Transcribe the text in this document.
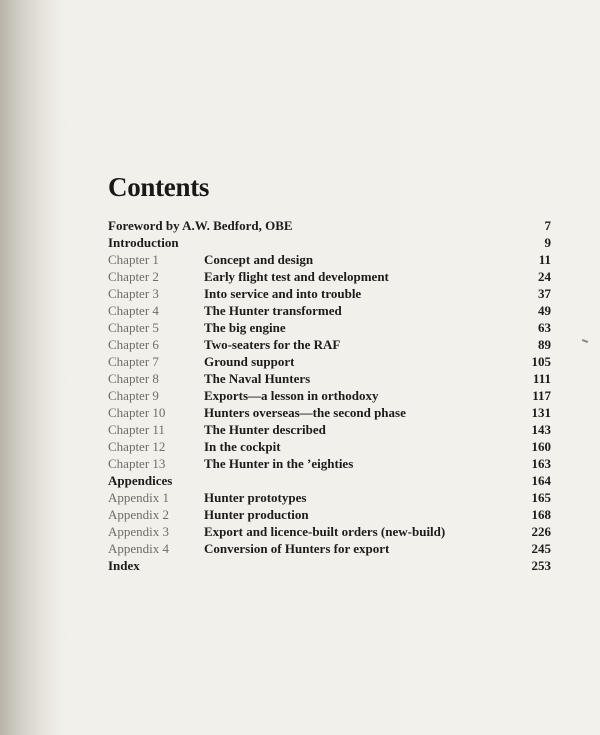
Contents
Foreword by A.W. Bedford, OBE	7
Introduction	9
Chapter 1	Concept and design	11
Chapter 2	Early flight test and development	24
Chapter 3	Into service and into trouble	37
Chapter 4	The Hunter transformed	49
Chapter 5	The big engine	63
Chapter 6	Two-seaters for the RAF	89
Chapter 7	Ground support	105
Chapter 8	The Naval Hunters	111
Chapter 9	Exports—a lesson in orthodoxy	117
Chapter 10	Hunters overseas—the second phase	131
Chapter 11	The Hunter described	143
Chapter 12	In the cockpit	160
Chapter 13	The Hunter in the ’eighties	163
Appendices	164
Appendix 1	Hunter prototypes	165
Appendix 2	Hunter production	168
Appendix 3	Export and licence-built orders (new-build)	226
Appendix 4	Conversion of Hunters for export	245
Index	253
